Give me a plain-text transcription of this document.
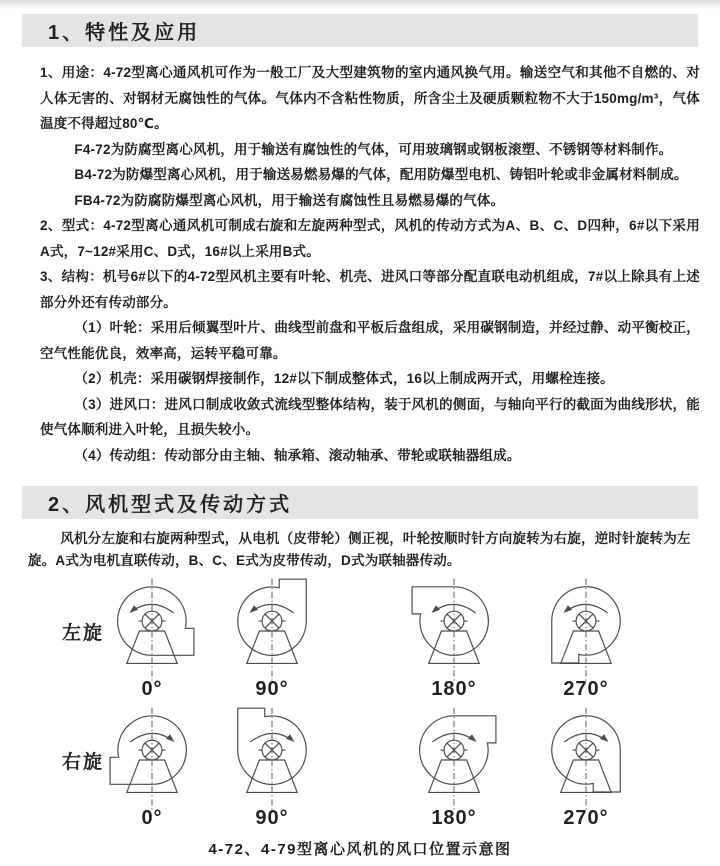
1、特性及应用

1、用途：4-72型离心通风机可作为一般工厂及大型建筑物的室内通风换气用。输送空气和其他不自燃的、对人体无害的、对钢材无腐蚀性的气体。气体内不含粘性物质，所含尘土及硬质颗粒物不大于150mg/m³，气体温度不得超过80℃。

F4-72为防腐型离心风机，用于输送有腐蚀性的气体，可用玻璃钢或钢板滚塑、不锈钢等材料制作。

B4-72为防爆型离心风机，用于输送易燃易爆的气体，配用防爆型电机、铸铝叶轮或非金属材料制成。

FB4-72为防腐防爆型离心风机，用于输送有腐蚀性且易燃易爆的气体。

2、型式：4-72型离心通风机可制成右旋和左旋两种型式，风机的传动方式为A、B、C、D四种，6#以下采用A式，7~12#采用C、D式，16#以上采用B式。

3、结构：机号6#以下的4-72型风机主要有叶轮、机壳、进风口等部分配直联电动机组成，7#以上除具有上述部分外还有传动部分。

（1）叶轮：采用后倾翼型叶片、曲线型前盘和平板后盘组成，采用碳钢制造，并经过静、动平衡校正，空气性能优良，效率高，运转平稳可靠。

（2）机壳：采用碳钢焊接制作，12#以下制成整体式，16以上制成两开式，用螺栓连接。

（3）进风口：进风口制成收敛式流线型整体结构，装于风机的侧面，与轴向平行的截面为曲线形状，能使气体顺利进入叶轮，且损失较小。

（4）传动组：传动部分由主轴、轴承箱、滚动轴承、带轮或联轴器组成。

2、风机型式及传动方式

风机分左旋和右旋两种型式，从电机（皮带轮）侧正视，叶轮按顺时针方向旋转为右旋，逆时针旋转为左旋。A式为电机直联传动，B、C、E式为皮带传动，D式为联轴器传动。

左旋
0°	90°	180°	270°
右旋
0°	90°	180°	270°
4-72、4-79型离心风机的风口位置示意图
